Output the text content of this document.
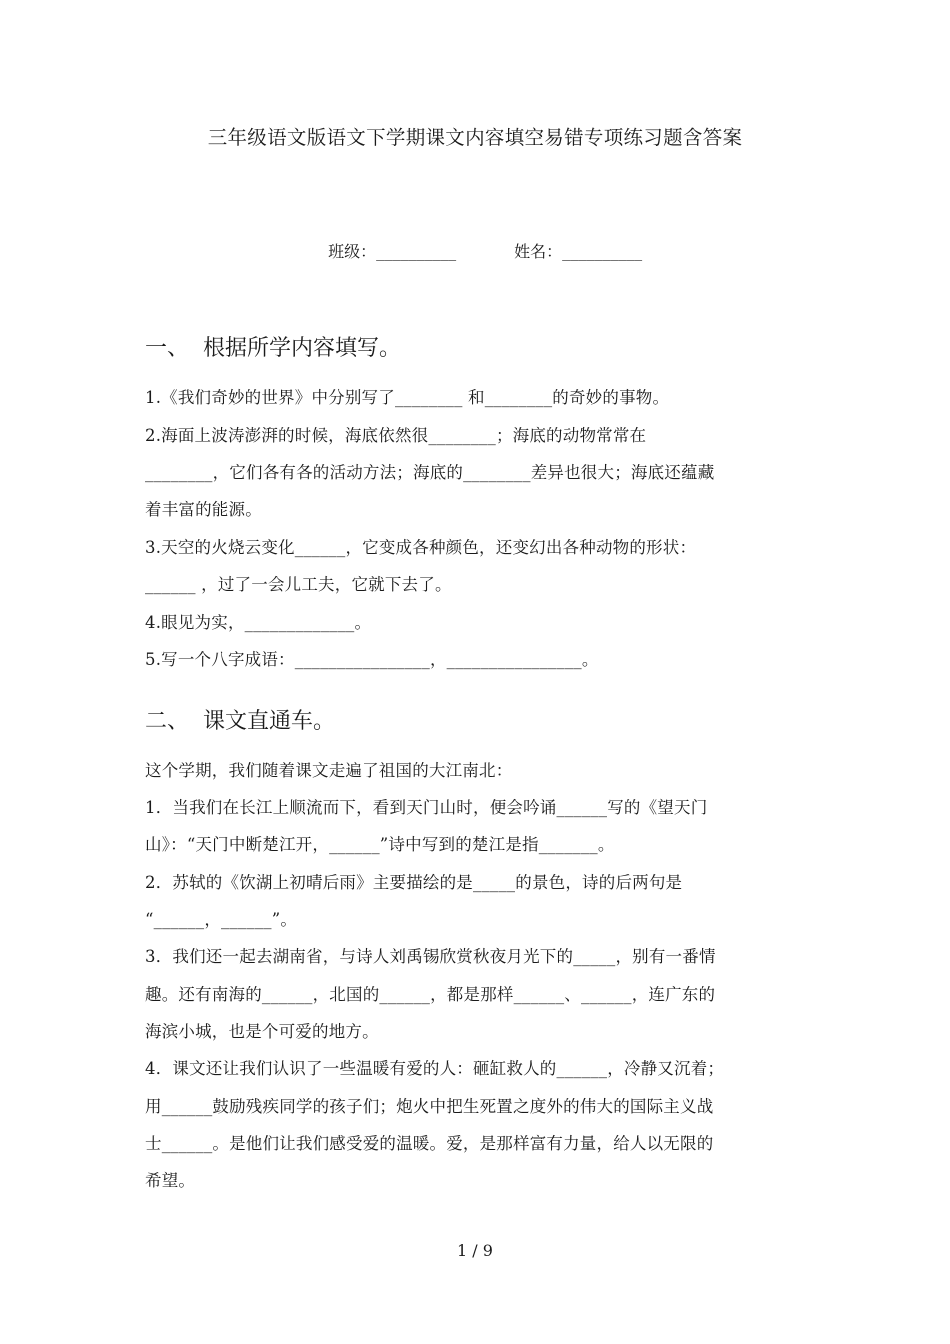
三年级语文版语文下学期课文内容填空易错专项练习题含答案

班级：__________	姓名：__________

一、  根据所学内容填写。
1.《我们奇妙的世界》中分别写了________ 和________的奇妙的事物。
2.海面上波涛澎湃的时候，海底依然很________；海底的动物常常在
________，它们各有各的活动方法；海底的________差异也很大；海底还蕴藏
着丰富的能源。
3.天空的火烧云变化______，它变成各种颜色，还变幻出各种动物的形状：
______ ，过了一会儿工夫，它就下去了。
4.眼见为实，_____________。
5.写一个八字成语：________________，________________。
二、  课文直通车。
这个学期，我们随着课文走遍了祖国的大江南北：
1．当我们在长江上顺流而下，看到天门山时，便会吟诵______写的《望天门
山》：“天门中断楚江开，______”诗中写到的楚江是指_______。
2．苏轼的《饮湖上初晴后雨》主要描绘的是_____的景色，诗的后两句是
“______，______”。
3．我们还一起去湖南省，与诗人刘禹锡欣赏秋夜月光下的_____，别有一番情
趣。还有南海的______，北国的______，都是那样______、______，连广东的
海滨小城，也是个可爱的地方。
4．课文还让我们认识了一些温暖有爱的人：砸缸救人的______，冷静又沉着；
用______鼓励残疾同学的孩子们；炮火中把生死置之度外的伟大的国际主义战
士______。是他们让我们感受爱的温暖。爱，是那样富有力量，给人以无限的
希望。
1 / 9
